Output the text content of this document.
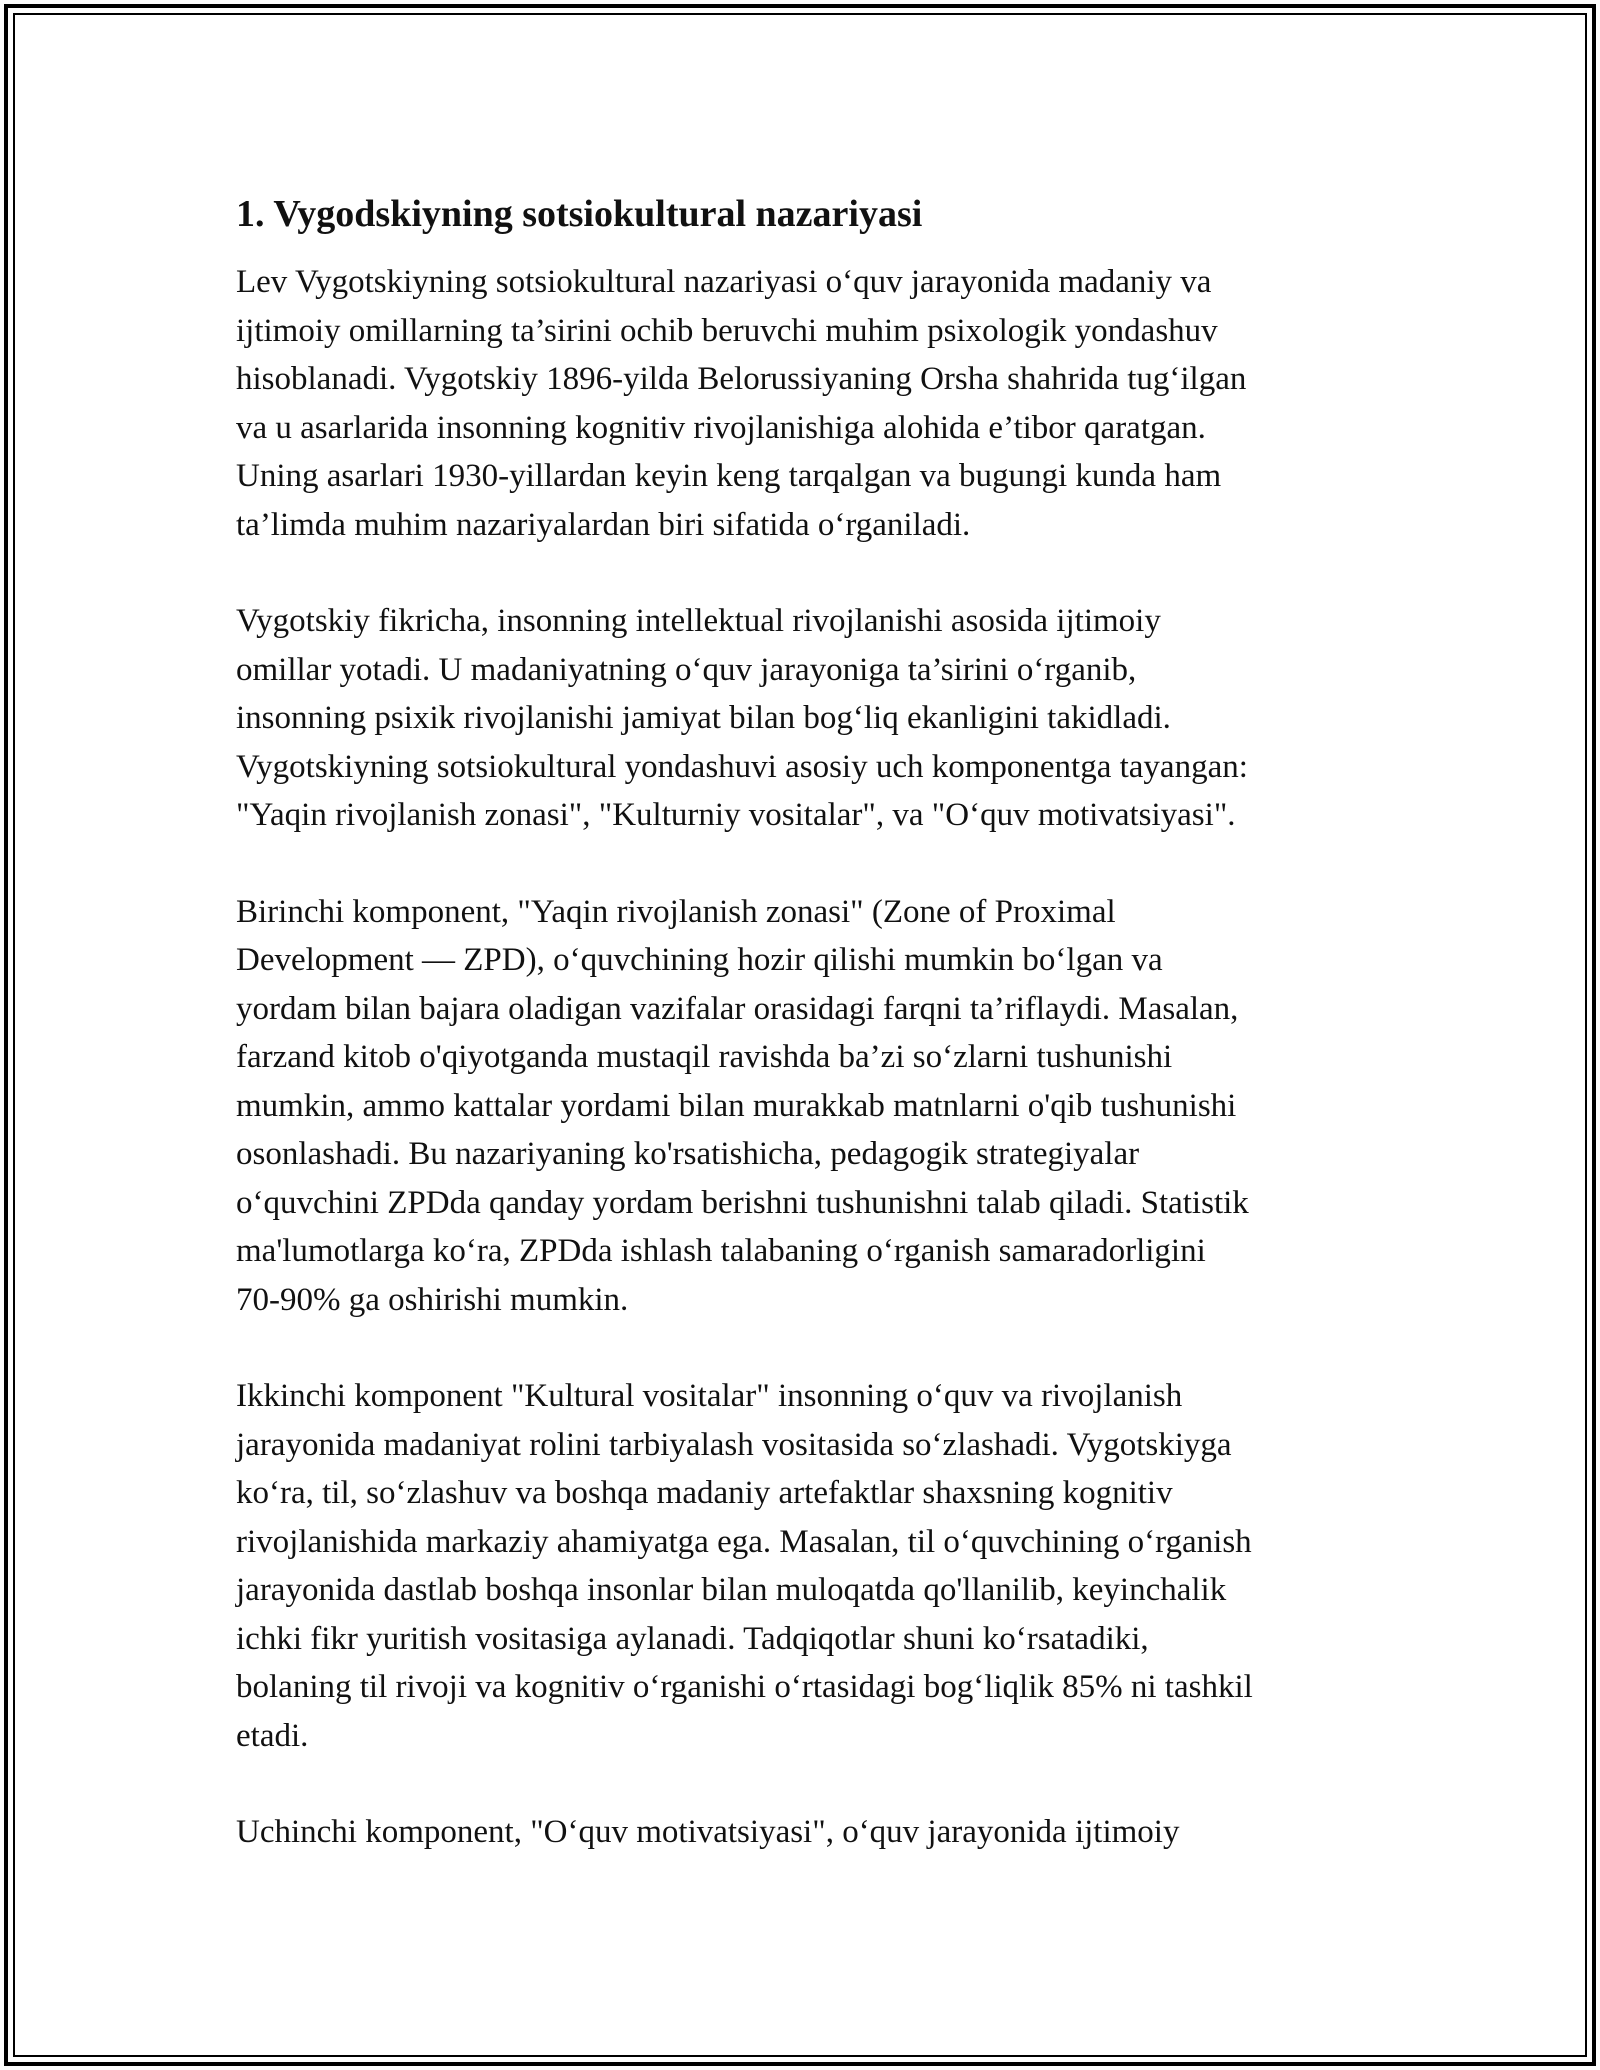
1. Vygodskiyning sotsiokultural nazariyasi

Lev Vygotskiyning sotsiokultural nazariyasi o‘quv jarayonida madaniy va
ijtimoiy omillarning ta’sirini ochib beruvchi muhim psixologik yondashuv
hisoblanadi. Vygotskiy 1896-yilda Belorussiyaning Orsha shahrida tug‘ilgan
va u asarlarida insonning kognitiv rivojlanishiga alohida e’tibor qaratgan.
Uning asarlari 1930-yillardan keyin keng tarqalgan va bugungi kunda ham
ta’limda muhim nazariyalardan biri sifatida o‘rganiladi.

Vygotskiy fikricha, insonning intellektual rivojlanishi asosida ijtimoiy
omillar yotadi. U madaniyatning o‘quv jarayoniga ta’sirini o‘rganib,
insonning psixik rivojlanishi jamiyat bilan bog‘liq ekanligini takidladi.
Vygotskiyning sotsiokultural yondashuvi asosiy uch komponentga tayangan:
"Yaqin rivojlanish zonasi", "Kulturniy vositalar", va "O‘quv motivatsiyasi".

Birinchi komponent, "Yaqin rivojlanish zonasi" (Zone of Proximal
Development — ZPD), o‘quvchining hozir qilishi mumkin bo‘lgan va
yordam bilan bajara oladigan vazifalar orasidagi farqni ta’riflaydi. Masalan,
farzand kitob o'qiyotganda mustaqil ravishda ba’zi so‘zlarni tushunishi
mumkin, ammo kattalar yordami bilan murakkab matnlarni o'qib tushunishi
osonlashadi. Bu nazariyaning ko'rsatishicha, pedagogik strategiyalar
o‘quvchini ZPDda qanday yordam berishni tushunishni talab qiladi. Statistik
ma'lumotlarga ko‘ra, ZPDda ishlash talabaning o‘rganish samaradorligini
70-90% ga oshirishi mumkin.

Ikkinchi komponent "Kultural vositalar" insonning o‘quv va rivojlanish
jarayonida madaniyat rolini tarbiyalash vositasida so‘zlashadi. Vygotskiyga
ko‘ra, til, so‘zlashuv va boshqa madaniy artefaktlar shaxsning kognitiv
rivojlanishida markaziy ahamiyatga ega. Masalan, til o‘quvchining o‘rganish
jarayonida dastlab boshqa insonlar bilan muloqatda qo'llanilib, keyinchalik
ichki fikr yuritish vositasiga aylanadi. Tadqiqotlar shuni ko‘rsatadiki,
bolaning til rivoji va kognitiv o‘rganishi o‘rtasidagi bog‘liqlik 85% ni tashkil
etadi.

Uchinchi komponent, "O‘quv motivatsiyasi", o‘quv jarayonida ijtimoiy
